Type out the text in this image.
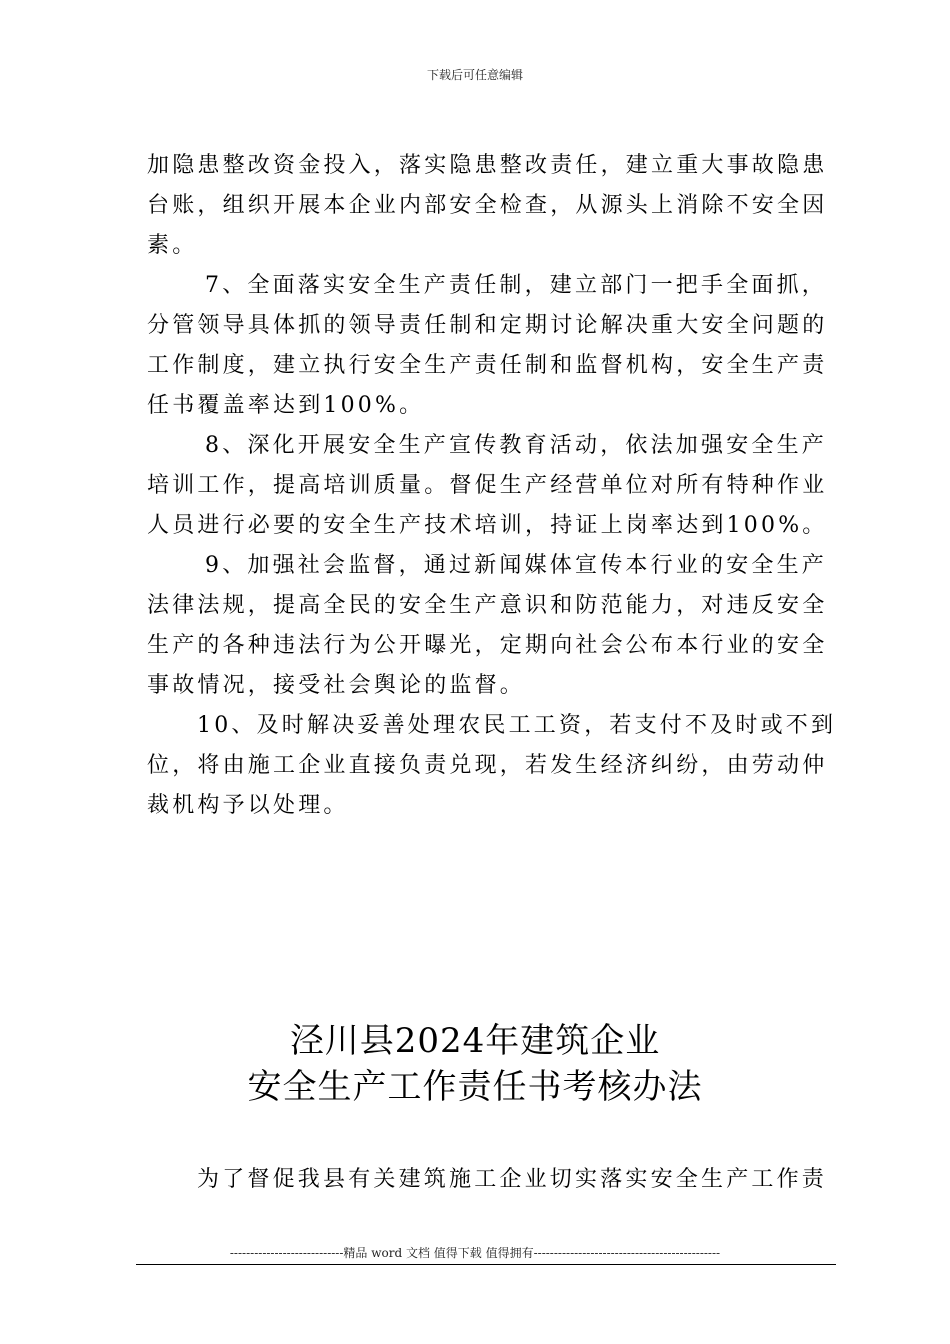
下载后可任意编辑

加隐患整改资金投入，落实隐患整改责任，建立重大事故隐患台账，组织开展本企业内部安全检查，从源头上消除不安全因素。

7、全面落实安全生产责任制，建立部门一把手全面抓，分管领导具体抓的领导责任制和定期讨论解决重大安全问题的工作制度，建立执行安全生产责任制和监督机构，安全生产责任书覆盖率达到100%。

8、深化开展安全生产宣传教育活动，依法加强安全生产培训工作，提高培训质量。督促生产经营单位对所有特种作业人员进行必要的安全生产技术培训，持证上岗率达到100%。

9、加强社会监督，通过新闻媒体宣传本行业的安全生产法律法规，提高全民的安全生产意识和防范能力，对违反安全生产的各种违法行为公开曝光，定期向社会公布本行业的安全事故情况，接受社会舆论的监督。

10、及时解决妥善处理农民工工资，若支付不及时或不到位，将由施工企业直接负责兑现，若发生经济纠纷，由劳动仲裁机构予以处理。

泾川县2024年建筑企业
安全生产工作责任书考核办法

为了督促我县有关建筑施工企业切实落实安全生产工作责

----------------------------精品 word 文档 值得下载 值得拥有----------------------------------------------
